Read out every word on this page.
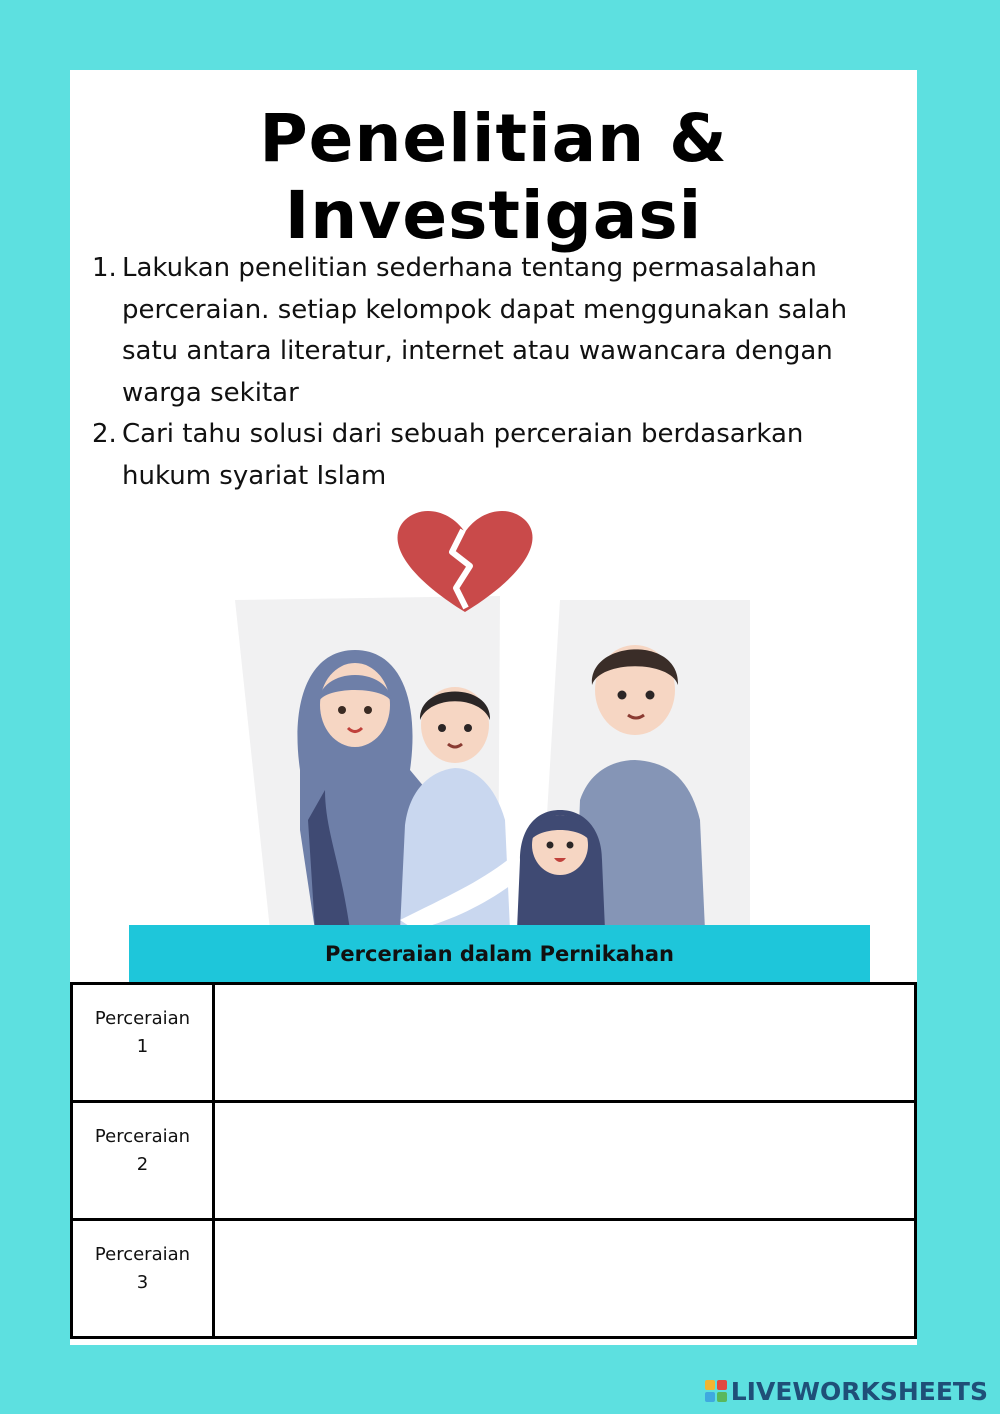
Penelitian & Investigasi
1. Lakukan penelitian sederhana tentang permasalahan perceraian. setiap kelompok dapat menggunakan salah satu antara literatur, internet atau wawancara dengan warga sekitar
2. Cari tahu solusi dari sebuah perceraian berdasarkan hukum syariat Islam
Perceraian dalam Pernikahan
Perceraian
1	

Perceraian
2	

Perceraian
3	

LIVEWORKSHEETS
